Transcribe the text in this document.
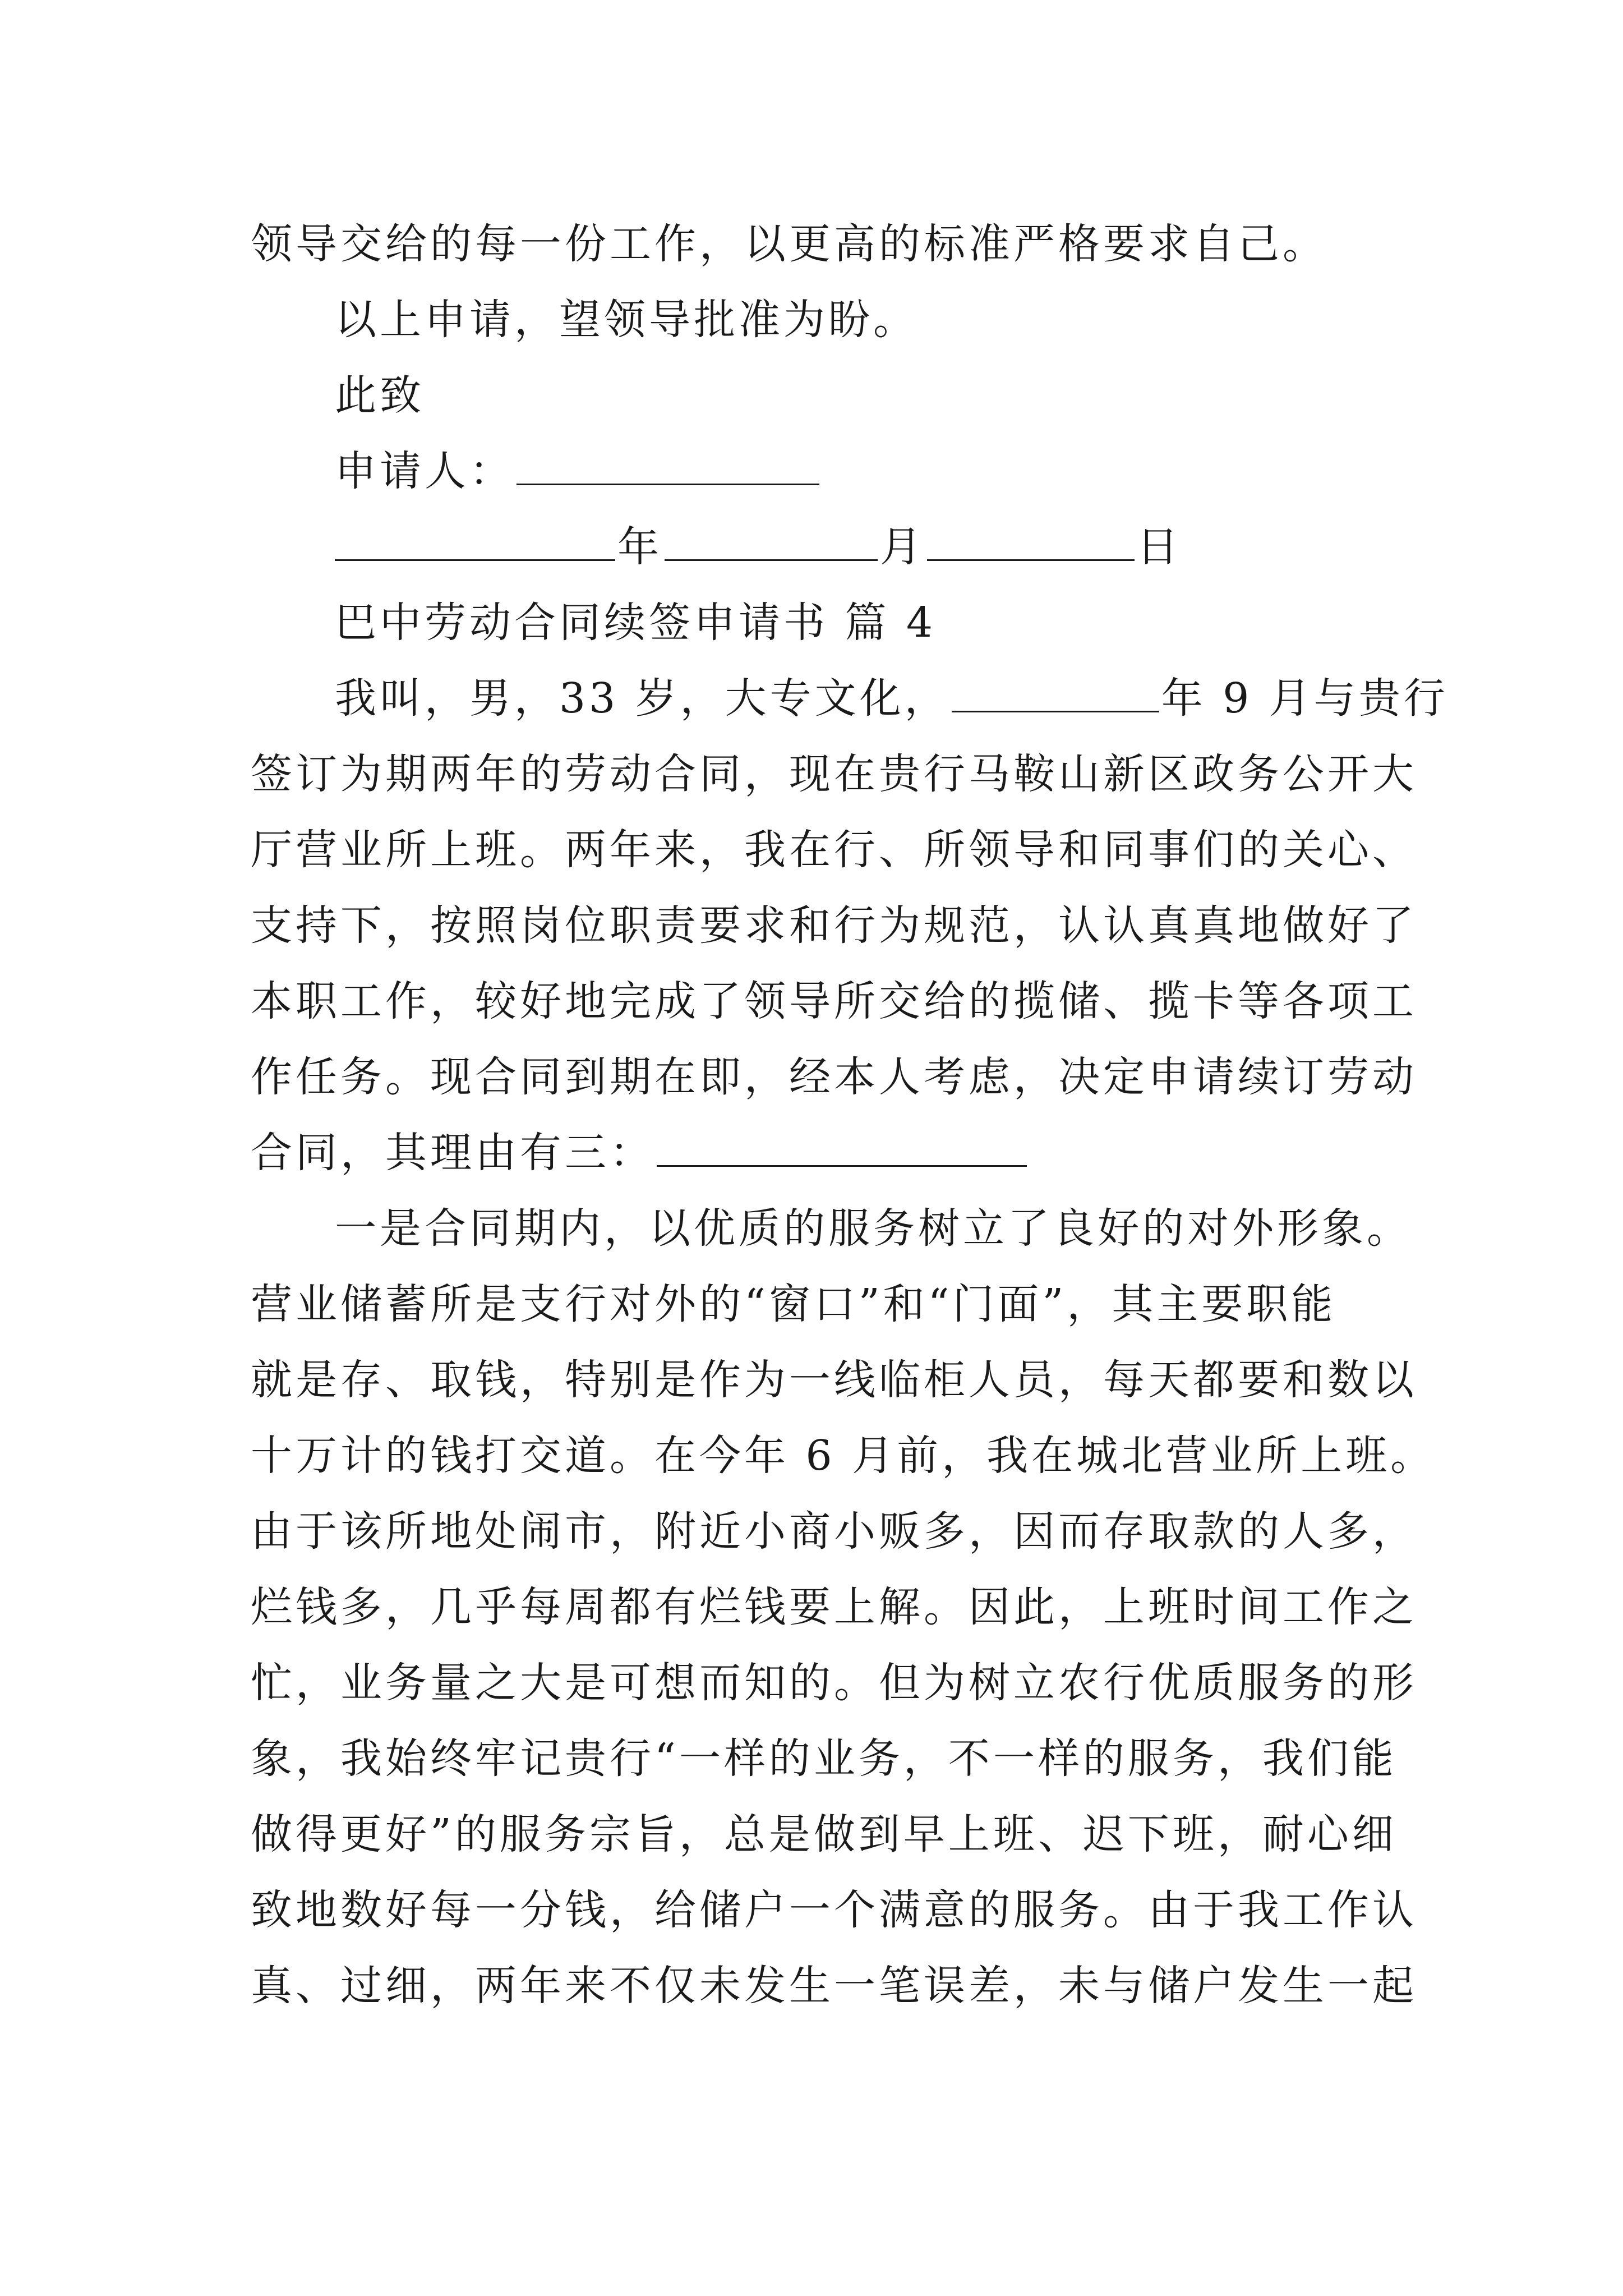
领导交给的每一份工作，以更高的标准严格要求自己。
以上申请，望领导批准为盼。
此致
申请人：
年	月	日
巴中劳动合同续签申请书 篇 4
我叫，男，33 岁，大专文化，	年 9 月与贵行
签订为期两年的劳动合同，现在贵行马鞍山新区政务公开大
厅营业所上班。两年来，我在行、所领导和同事们的关心、
支持下，按照岗位职责要求和行为规范，认认真真地做好了
本职工作，较好地完成了领导所交给的揽储、揽卡等各项工
作任务。现合同到期在即，经本人考虑，决定申请续订劳动
合同，其理由有三：
一是合同期内，以优质的服务树立了良好的对外形象。
营业储蓄所是支行对外的“窗口”和“门面”，其主要职能
就是存、取钱，特别是作为一线临柜人员，每天都要和数以
十万计的钱打交道。在今年 6 月前，我在城北营业所上班。
由于该所地处闹市，附近小商小贩多，因而存取款的人多，
烂钱多，几乎每周都有烂钱要上解。因此，上班时间工作之
忙，业务量之大是可想而知的。但为树立农行优质服务的形
象，我始终牢记贵行“一样的业务，不一样的服务，我们能
做得更好”的服务宗旨，总是做到早上班、迟下班，耐心细
致地数好每一分钱，给储户一个满意的服务。由于我工作认
真、过细，两年来不仅未发生一笔误差，未与储户发生一起
